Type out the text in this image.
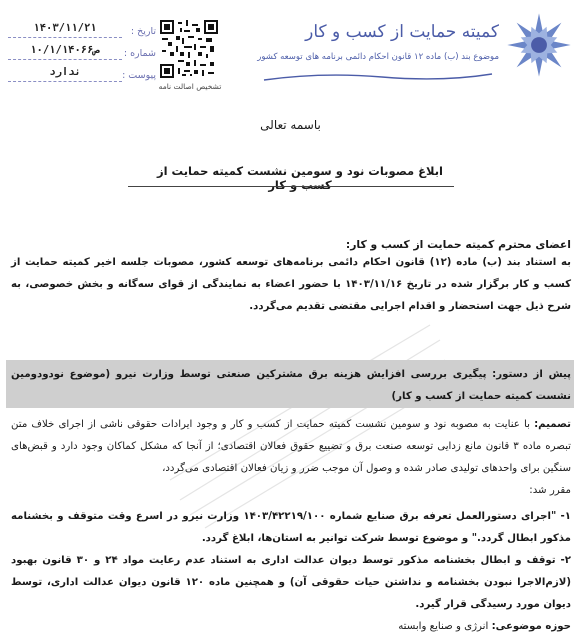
تاریخ :
۱۴۰۳/۱۱/۲۱
شماره :
۱۰/۱/۱۴۰۶۶ص
پیوست :
ندارد
تشخیص اصالت نامه
کمیته حمایت از کسب و کار
موضوع بند (ب) ماده ۱۲ قانون احکام دائمی برنامه های توسعه کشور
باسمه تعالی
ابلاغ مصوبات نود و سومین نشست کمیته حمایت از کسب و کار
اعضای محترم کمیته حمایت از کسب و کار:
به استناد بند (ب) ماده (۱۲) قانون احکام دائمی برنامه‌های توسعه کشور، مصوبات جلسه اخیر کمیته حمایت از کسب و کار برگزار شده در تاریخ ۱۴۰۳/۱۱/۱۶ با حضور اعضاء به نمایندگی از قوای سه‌گانه و بخش خصوصی، به شرح ذیل جهت استحضار و اقدام اجرایی مقتضی تقدیم می‌گردد.
پیش از دستور: پیگیری بررسی افزایش هزینه برق مشترکین صنعتی توسط وزارت نیرو (موضوع نودودومین نشست کمیته حمایت از کسب و کار)
تصمیم: با عنایت به مصوبه نود و سومین نشست کمیته حمایت از کسب و کار و وجود ایرادات حقوقی ناشی از اجرای خلاف متن تبصره ماده ۳ قانون مانع زدایی توسعه صنعت برق و تضییع حقوق فعالان اقتصادی؛ از آنجا که مشکل کماکان وجود دارد و قبض‌های سنگین برای واحدهای تولیدی صادر شده و وصول آن موجب ضرر و زیان فعالان اقتصادی می‌گردد،
مقرر شد:
۱- "اجرای دستورالعمل تعرفه برق صنایع شماره ۱۴۰۳/۴۲۲۱۹/۱۰۰ وزارت نیرو در اسرع وقت متوقف و بخشنامه مذکور ابطال گردد." و موضوع توسط شرکت توانیر به استان‌ها، ابلاغ گردد.
۲- توقف و ابطال بخشنامه مذکور توسط دیوان عدالت اداری به استناد عدم رعایت مواد ۲۴ و ۳۰ قانون بهبود (لازم‌الاجرا نبودن بخشنامه و نداشتن حیات حقوقی آن) و همچنین ماده ۱۲۰ قانون دیوان عدالت اداری، توسط دیوان مورد رسیدگی قرار گیرد.
حوزه موضوعی: انرژی و صنایع وابسته
